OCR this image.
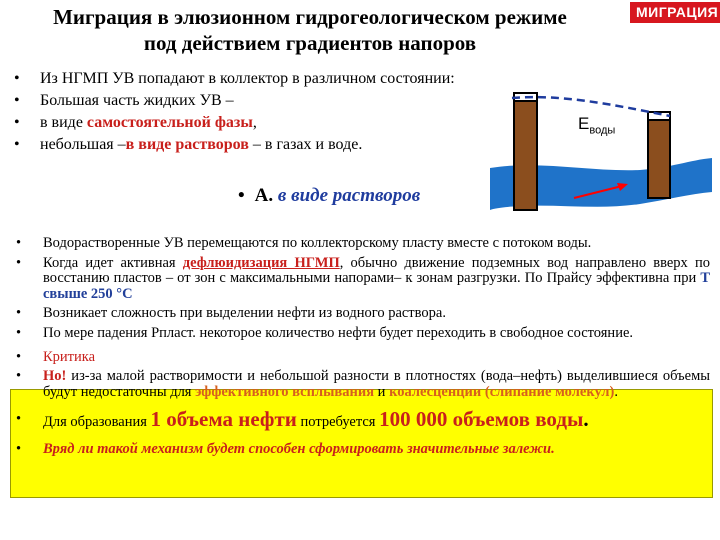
Миграция в элюзионном гидрогеологическом режиме
под действием градиентов напоров
МИГРАЦИЯ
• Из НГМП УВ попадают в коллектор в различном состоянии:
• Большая часть жидких УВ –
• в виде самостоятельной фазы,
• небольшая –в виде растворов – в газах и воде.
$E_{воды}$
• А. в виде растворов
• Водорастворенные УВ перемещаются по коллекторскому пласту вместе с потоком воды.
• Когда идет активная дефлюидизация НГМП, обычно движение подземных вод направлено вверх по восстанию пластов – от зон с максимальными напорами– к зонам разгрузки. По Прайсу эффективна при Т свыше 250 °С
• Возникает сложность при выделении нефти из водного раствора.
• По мере падения Рпласт. некоторое количество нефти будет переходить в свободное состояние.
• Критика
• Но! из-за малой растворимости и небольшой разности в плотностях (вода–нефть) выделившиеся объемы будут недостаточны для эффективного всплывания и коалесценции (слипание молекул).
• Для образования 1 объема нефти потребуется 100 000 объемов воды.
• Вряд ли такой механизм будет способен сформировать значительные залежи.
